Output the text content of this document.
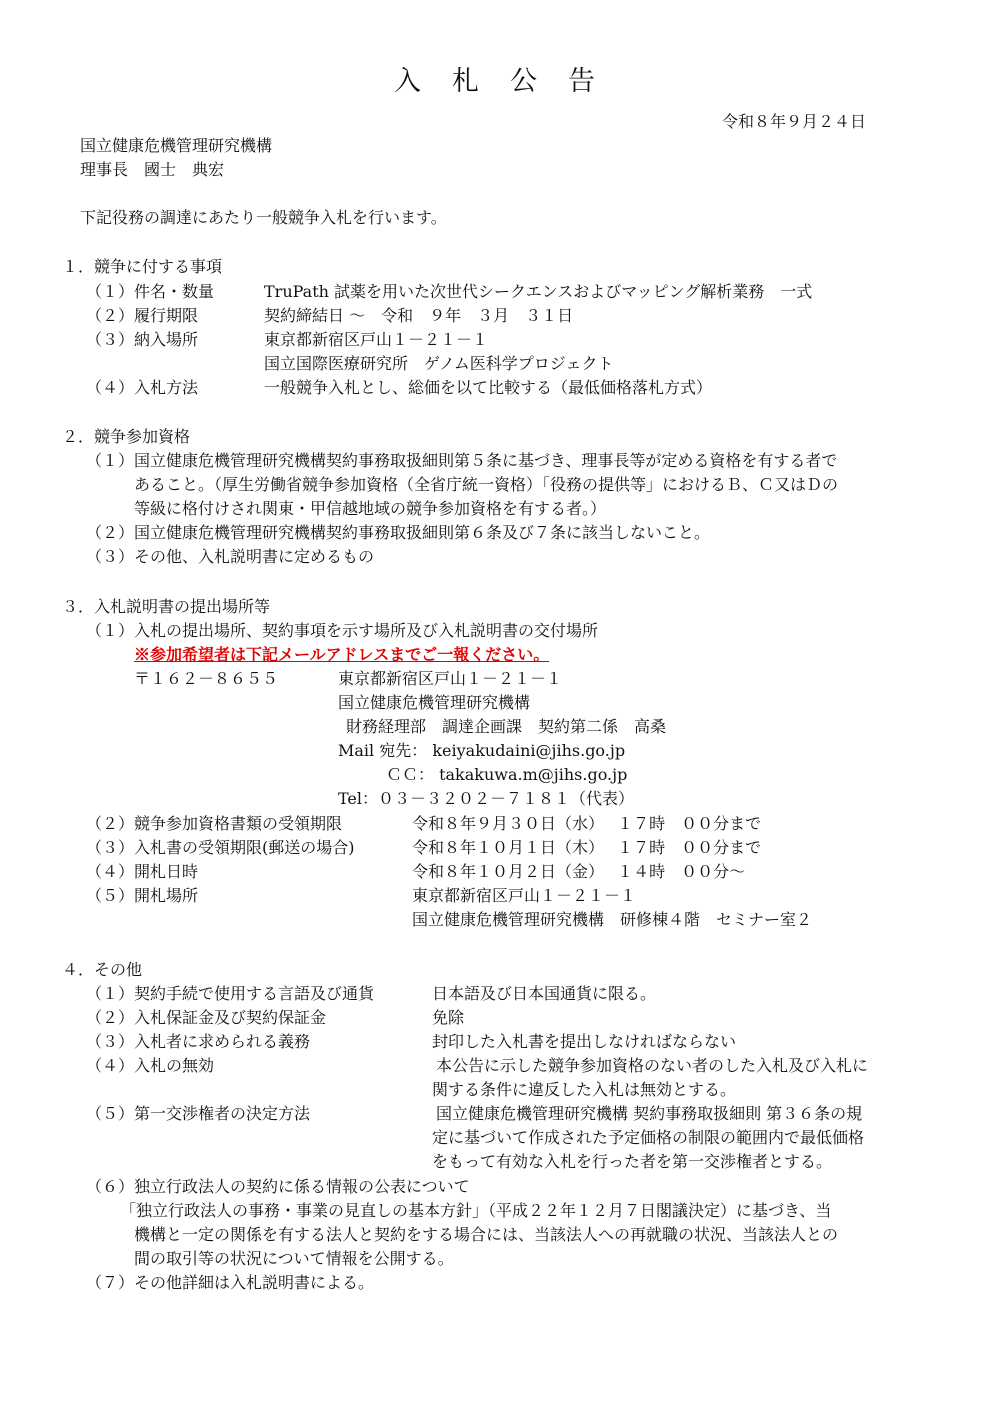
入　札　公　告
令和８年９月２４日
国立健康危機管理研究機構
理事長　國士　典宏
下記役務の調達にあたり一般競争入札を行います。
１．競争に付する事項
（１）件名・数量	TruPath 試薬を用いた次世代シークエンスおよびマッピング解析業務　一式
（２）履行期限	契約締結日 〜　令和　９年　３月　３１日
（３）納入場所	東京都新宿区戸山１－２１－１
国立国際医療研究所　ゲノム医科学プロジェクト
（４）入札方法	一般競争入札とし、総価を以て比較する（最低価格落札方式）
２．競争参加資格
（１）国立健康危機管理研究機構契約事務取扱細則第５条に基づき、理事長等が定める資格を有する者で
あること。（厚生労働省競争参加資格（全省庁統一資格）「役務の提供等」におけるＢ、Ｃ又はＤの
等級に格付けされ関東・甲信越地域の競争参加資格を有する者。）
（２）国立健康危機管理研究機構契約事務取扱細則第６条及び７条に該当しないこと。
（３）その他、入札説明書に定めるもの
３．入札説明書の提出場所等
（１）入札の提出場所、契約事項を示す場所及び入札説明書の交付場所
※参加希望者は下記メールアドレスまでご一報ください。
〒１６２－８６５５	東京都新宿区戸山１－２１－１
国立健康危機管理研究機構
財務経理部　調達企画課　契約第二係　高桑
Mail 宛先： keiyakudaini@jihs.go.jp
ＣＣ： takakuwa.m@jihs.go.jp
Tel：０３－３２０２－７１８１（代表）
（２）競争参加資格書類の受領期限	令和８年９月３０日（水）　 １７時　００分まで
（３）入札書の受領期限(郵送の場合)	令和８年１０月１日（木）　 １７時　００分まで
（４）開札日時	令和８年１０月２日（金）　 １４時　００分〜
（５）開札場所	東京都新宿区戸山１－２１－１
国立健康危機管理研究機構　研修棟４階　セミナー室２
４．その他
（１）契約手続で使用する言語及び通貨	日本語及び日本国通貨に限る。
（２）入札保証金及び契約保証金	免除
（３）入札者に求められる義務	封印した入札書を提出しなければならない
（４）入札の無効	本公告に示した競争参加資格のない者のした入札及び入札に
関する条件に違反した入札は無効とする。
（５）第一交渉権者の決定方法	国立健康危機管理研究機構 契約事務取扱細則 第３６条の規
定に基づいて作成された予定価格の制限の範囲内で最低価格
をもって有効な入札を行った者を第一交渉権者とする。
（６）独立行政法人の契約に係る情報の公表について
「独立行政法人の事務・事業の見直しの基本方針」（平成２２年１２月７日閣議決定）に基づき、当
機構と一定の関係を有する法人と契約をする場合には、当該法人への再就職の状況、当該法人との
間の取引等の状況について情報を公開する。
（７）その他詳細は入札説明書による。
